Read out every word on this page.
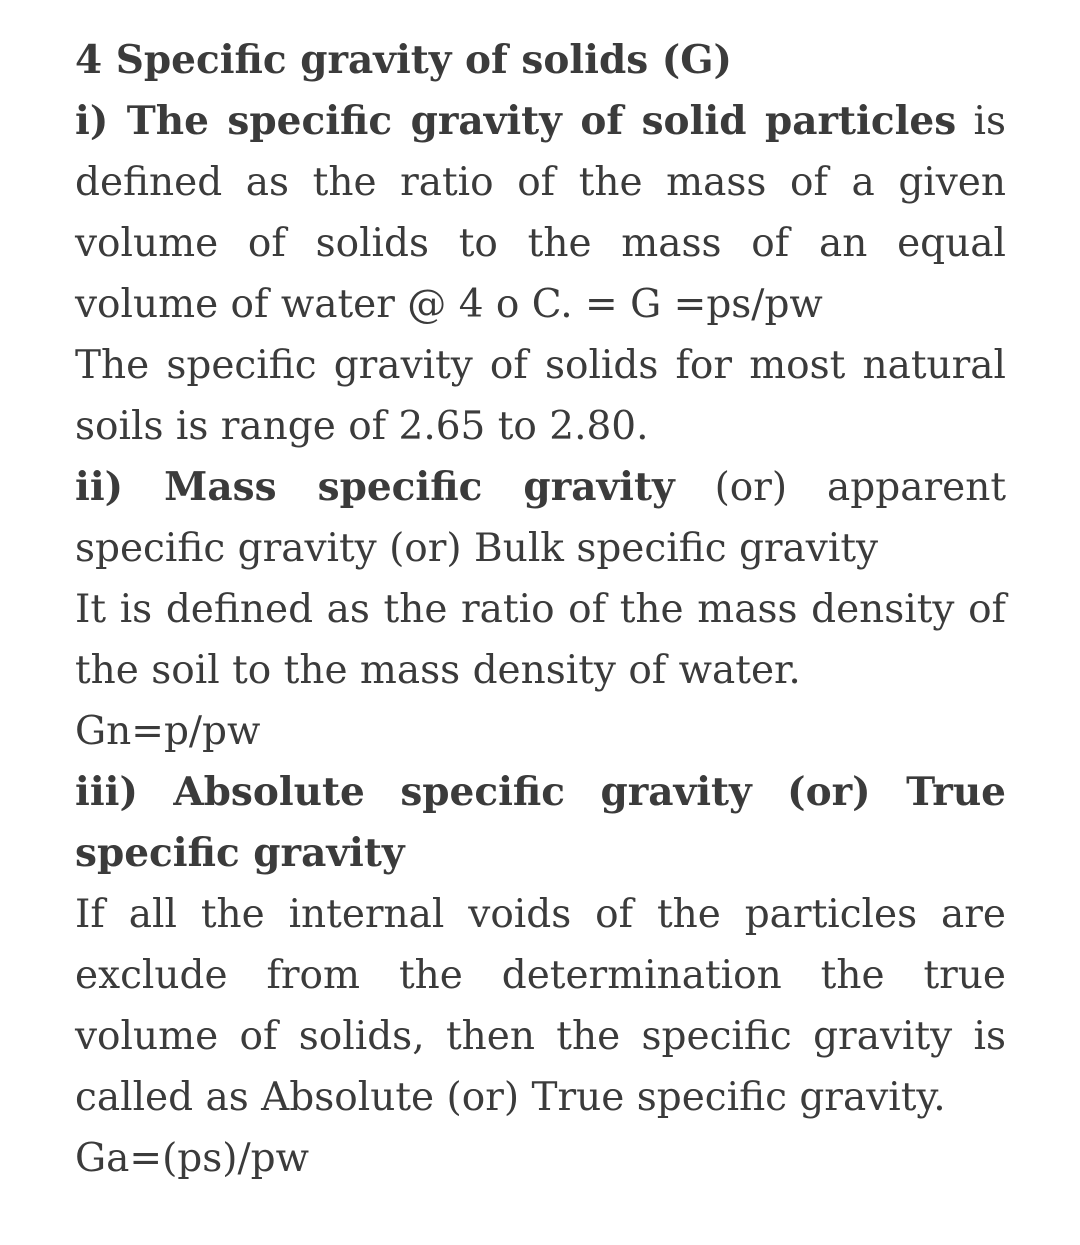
4 Specific gravity of solids (G)

i) The specific gravity of solid particles is defined as the ratio of the mass of a given volume of solids to the mass of an equal volume of water @ 4 o C. = G =ps/pw

The specific gravity of solids for most natural soils is range of 2.65 to 2.80.

ii) Mass specific gravity (or) apparent specific gravity (or) Bulk specific gravity

It is defined as the ratio of the mass density of the soil to the mass density of water.

Gn=p/pw

iii) Absolute specific gravity (or) True specific gravity

If all the internal voids of the particles are exclude from the determination the true volume of solids, then the specific gravity is called as Absolute (or) True specific gravity.

Ga=(ps)/pw
